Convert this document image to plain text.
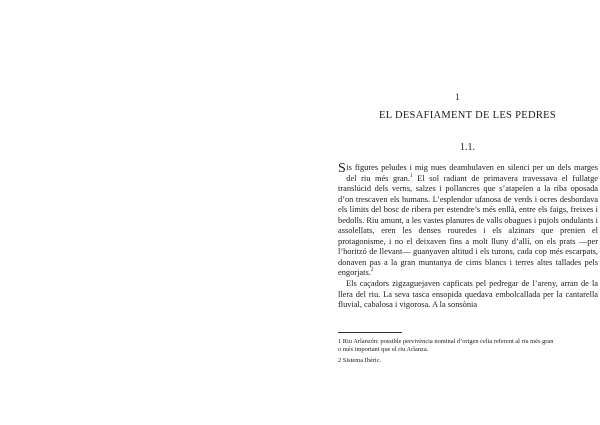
1
EL DESAFIAMENT DE LES PEDRES
1.1.

Sis figures peludes i mig nues deambulaven en silenci per un dels marges del riu més gran.$^1$ El sol radiant de primavera travessava el fullatge translúcid dels verns, salzes i pollancres que s’atapeïen a la riba oposada d’on trescaven els humans. L’esplendor ufanosa de verds i ocres desbordava els límits del bosc de ribera per estendre’s més enllà, entre els faigs, freixes i bedolls. Riu amunt, a les vastes planures de valls obagues i pujols ondulants i assolellats, eren les denses rouredes i els alzinars que prenien el protagonisme, i no el deixaven fins a molt lluny d’allí, on els prats —per l’horitzó de llevant— guanyaven altitud i els turons, cada cop més escarpats, donaven pas a la gran muntanya de cims blancs i terres altes tallades pels engorjats.$^2$

Els caçadors zigzaguejaven capficats pel pedregar de l’areny, arran de la llera del riu. La seva tasca ensopida quedava embolcallada per la cantarella fluvial, cabalosa i vigorosa. A la sonsònia

1 Riu Arlanzón: possible pervivència nominal d’origen celta referent al riu més gran o més important que el riu Arlanza.

2 Sistema Ibèric.
